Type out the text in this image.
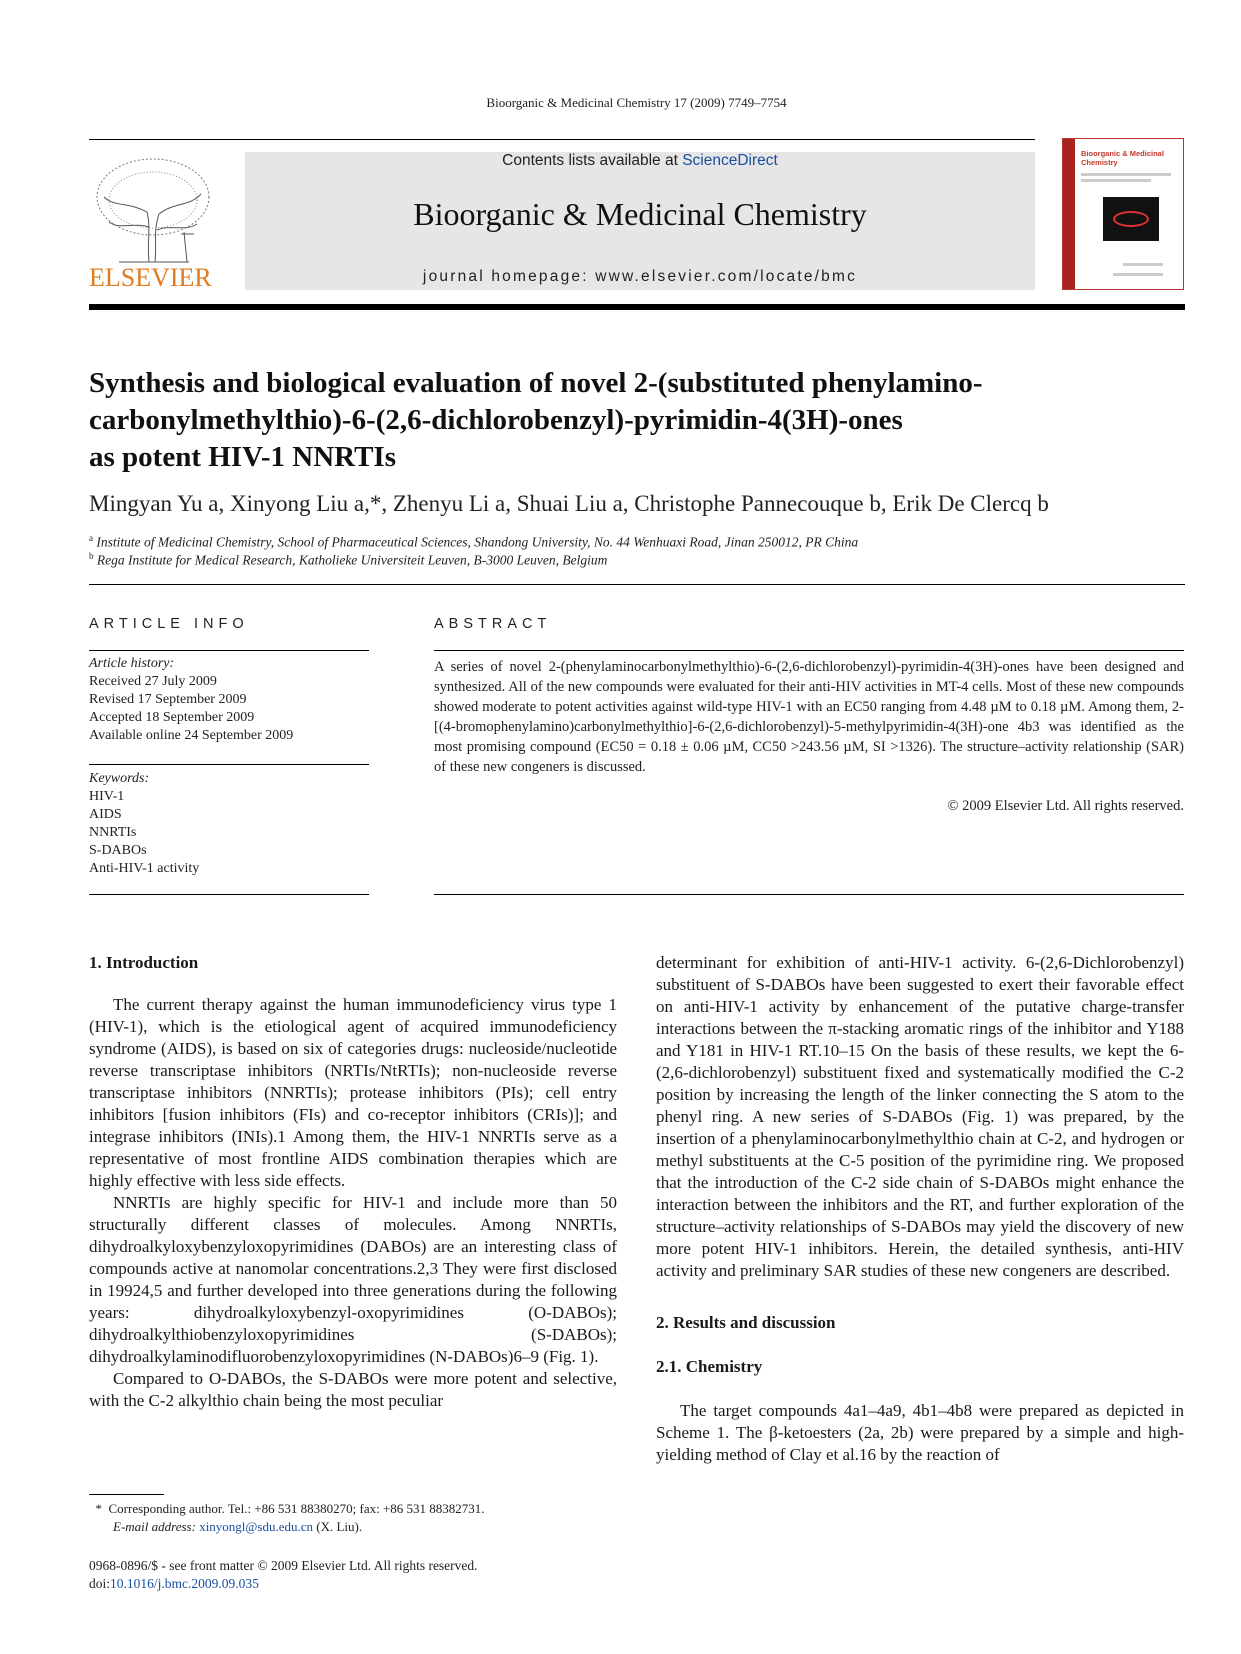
Bioorganic & Medicinal Chemistry 17 (2009) 7749–7754
ELSEVIER
Contents lists available at ScienceDirect
Bioorganic & Medicinal Chemistry
journal homepage: www.elsevier.com/locate/bmc
Bioorganic & Medicinal Chemistry
Synthesis and biological evaluation of novel 2-(substituted phenylamino-
carbonylmethylthio)-6-(2,6-dichlorobenzyl)-pyrimidin-4(3H)-ones
as potent HIV-1 NNRTIs
Mingyan Yu a, Xinyong Liu a,*, Zhenyu Li a, Shuai Liu a, Christophe Pannecouque b, Erik De Clercq b
$^a$ Institute of Medicinal Chemistry, School of Pharmaceutical Sciences, Shandong University, No. 44 Wenhuaxi Road, Jinan 250012, PR China
$^b$ Rega Institute for Medical Research, Katholieke Universiteit Leuven, B-3000 Leuven, Belgium
ARTICLE INFO
Article history:
Received 27 July 2009
Revised 17 September 2009
Accepted 18 September 2009
Available online 24 September 2009
Keywords:
HIV-1
AIDS
NNRTIs
S-DABOs
Anti-HIV-1 activity
ABSTRACT
A series of novel 2-(phenylaminocarbonylmethylthio)-6-(2,6-dichlorobenzyl)-pyrimidin-4(3H)-ones have been designed and synthesized. All of the new compounds were evaluated for their anti-HIV activities in MT-4 cells. Most of these new compounds showed moderate to potent activities against wild-type HIV-1 with an EC50 ranging from 4.48 µM to 0.18 µM. Among them, 2-[(4-bromophenylamino)carbonylmethylthio]-6-(2,6-dichlorobenzyl)-5-methylpyrimidin-4(3H)-one 4b3 was identified as the most promising compound (EC50 = 0.18 ± 0.06 µM, CC50 >243.56 µM, SI >1326). The structure–activity relationship (SAR) of these new congeners is discussed.
© 2009 Elsevier Ltd. All rights reserved.
1. Introduction

The current therapy against the human immunodeficiency virus type 1 (HIV-1), which is the etiological agent of acquired immunodeficiency syndrome (AIDS), is based on six of categories drugs: nucleoside/nucleotide reverse transcriptase inhibitors (NRTIs/NtRTIs); non-nucleoside reverse transcriptase inhibitors (NNRTIs); protease inhibitors (PIs); cell entry inhibitors [fusion inhibitors (FIs) and co-receptor inhibitors (CRIs)]; and integrase inhibitors (INIs).1 Among them, the HIV-1 NNRTIs serve as a representative of most frontline AIDS combination therapies which are highly effective with less side effects.

NNRTIs are highly specific for HIV-1 and include more than 50 structurally different classes of molecules. Among NNRTIs, dihydroalkyloxybenzyloxopyrimidines (DABOs) are an interesting class of compounds active at nanomolar concentrations.2,3 They were first disclosed in 19924,5 and further developed into three generations during the following years: dihydroalkyloxybenzyl-oxopyrimidines (O-DABOs); dihydroalkylthiobenzyloxopyrimidines (S-DABOs); dihydroalkylaminodifluorobenzyloxopyrimidines (N-DABOs)6–9 (Fig. 1).

Compared to O-DABOs, the S-DABOs were more potent and selective, with the C-2 alkylthio chain being the most peculiar

determinant for exhibition of anti-HIV-1 activity. 6-(2,6-Dichlorobenzyl) substituent of S-DABOs have been suggested to exert their favorable effect on anti-HIV-1 activity by enhancement of the putative charge-transfer interactions between the π-stacking aromatic rings of the inhibitor and Y188 and Y181 in HIV-1 RT.10–15 On the basis of these results, we kept the 6-(2,6-dichlorobenzyl) substituent fixed and systematically modified the C-2 position by increasing the length of the linker connecting the S atom to the phenyl ring. A new series of S-DABOs (Fig. 1) was prepared, by the insertion of a phenylaminocarbonylmethylthio chain at C-2, and hydrogen or methyl substituents at the C-5 position of the pyrimidine ring. We proposed that the introduction of the C-2 side chain of S-DABOs might enhance the interaction between the inhibitors and the RT, and further exploration of the structure–activity relationships of S-DABOs may yield the discovery of new more potent HIV-1 inhibitors. Herein, the detailed synthesis, anti-HIV activity and preliminary SAR studies of these new congeners are described.

2. Results and discussion
2.1. Chemistry

The target compounds 4a1–4a9, 4b1–4b8 were prepared as depicted in Scheme 1. The β-ketoesters (2a, 2b) were prepared by a simple and high-yielding method of Clay et al.16 by the reaction of

*  Corresponding author. Tel.: +86 531 88380270; fax: +86 531 88382731.
E-mail address: xinyongl@sdu.edu.cn (X. Liu).
0968-0896/$ - see front matter © 2009 Elsevier Ltd. All rights reserved.
doi:10.1016/j.bmc.2009.09.035
